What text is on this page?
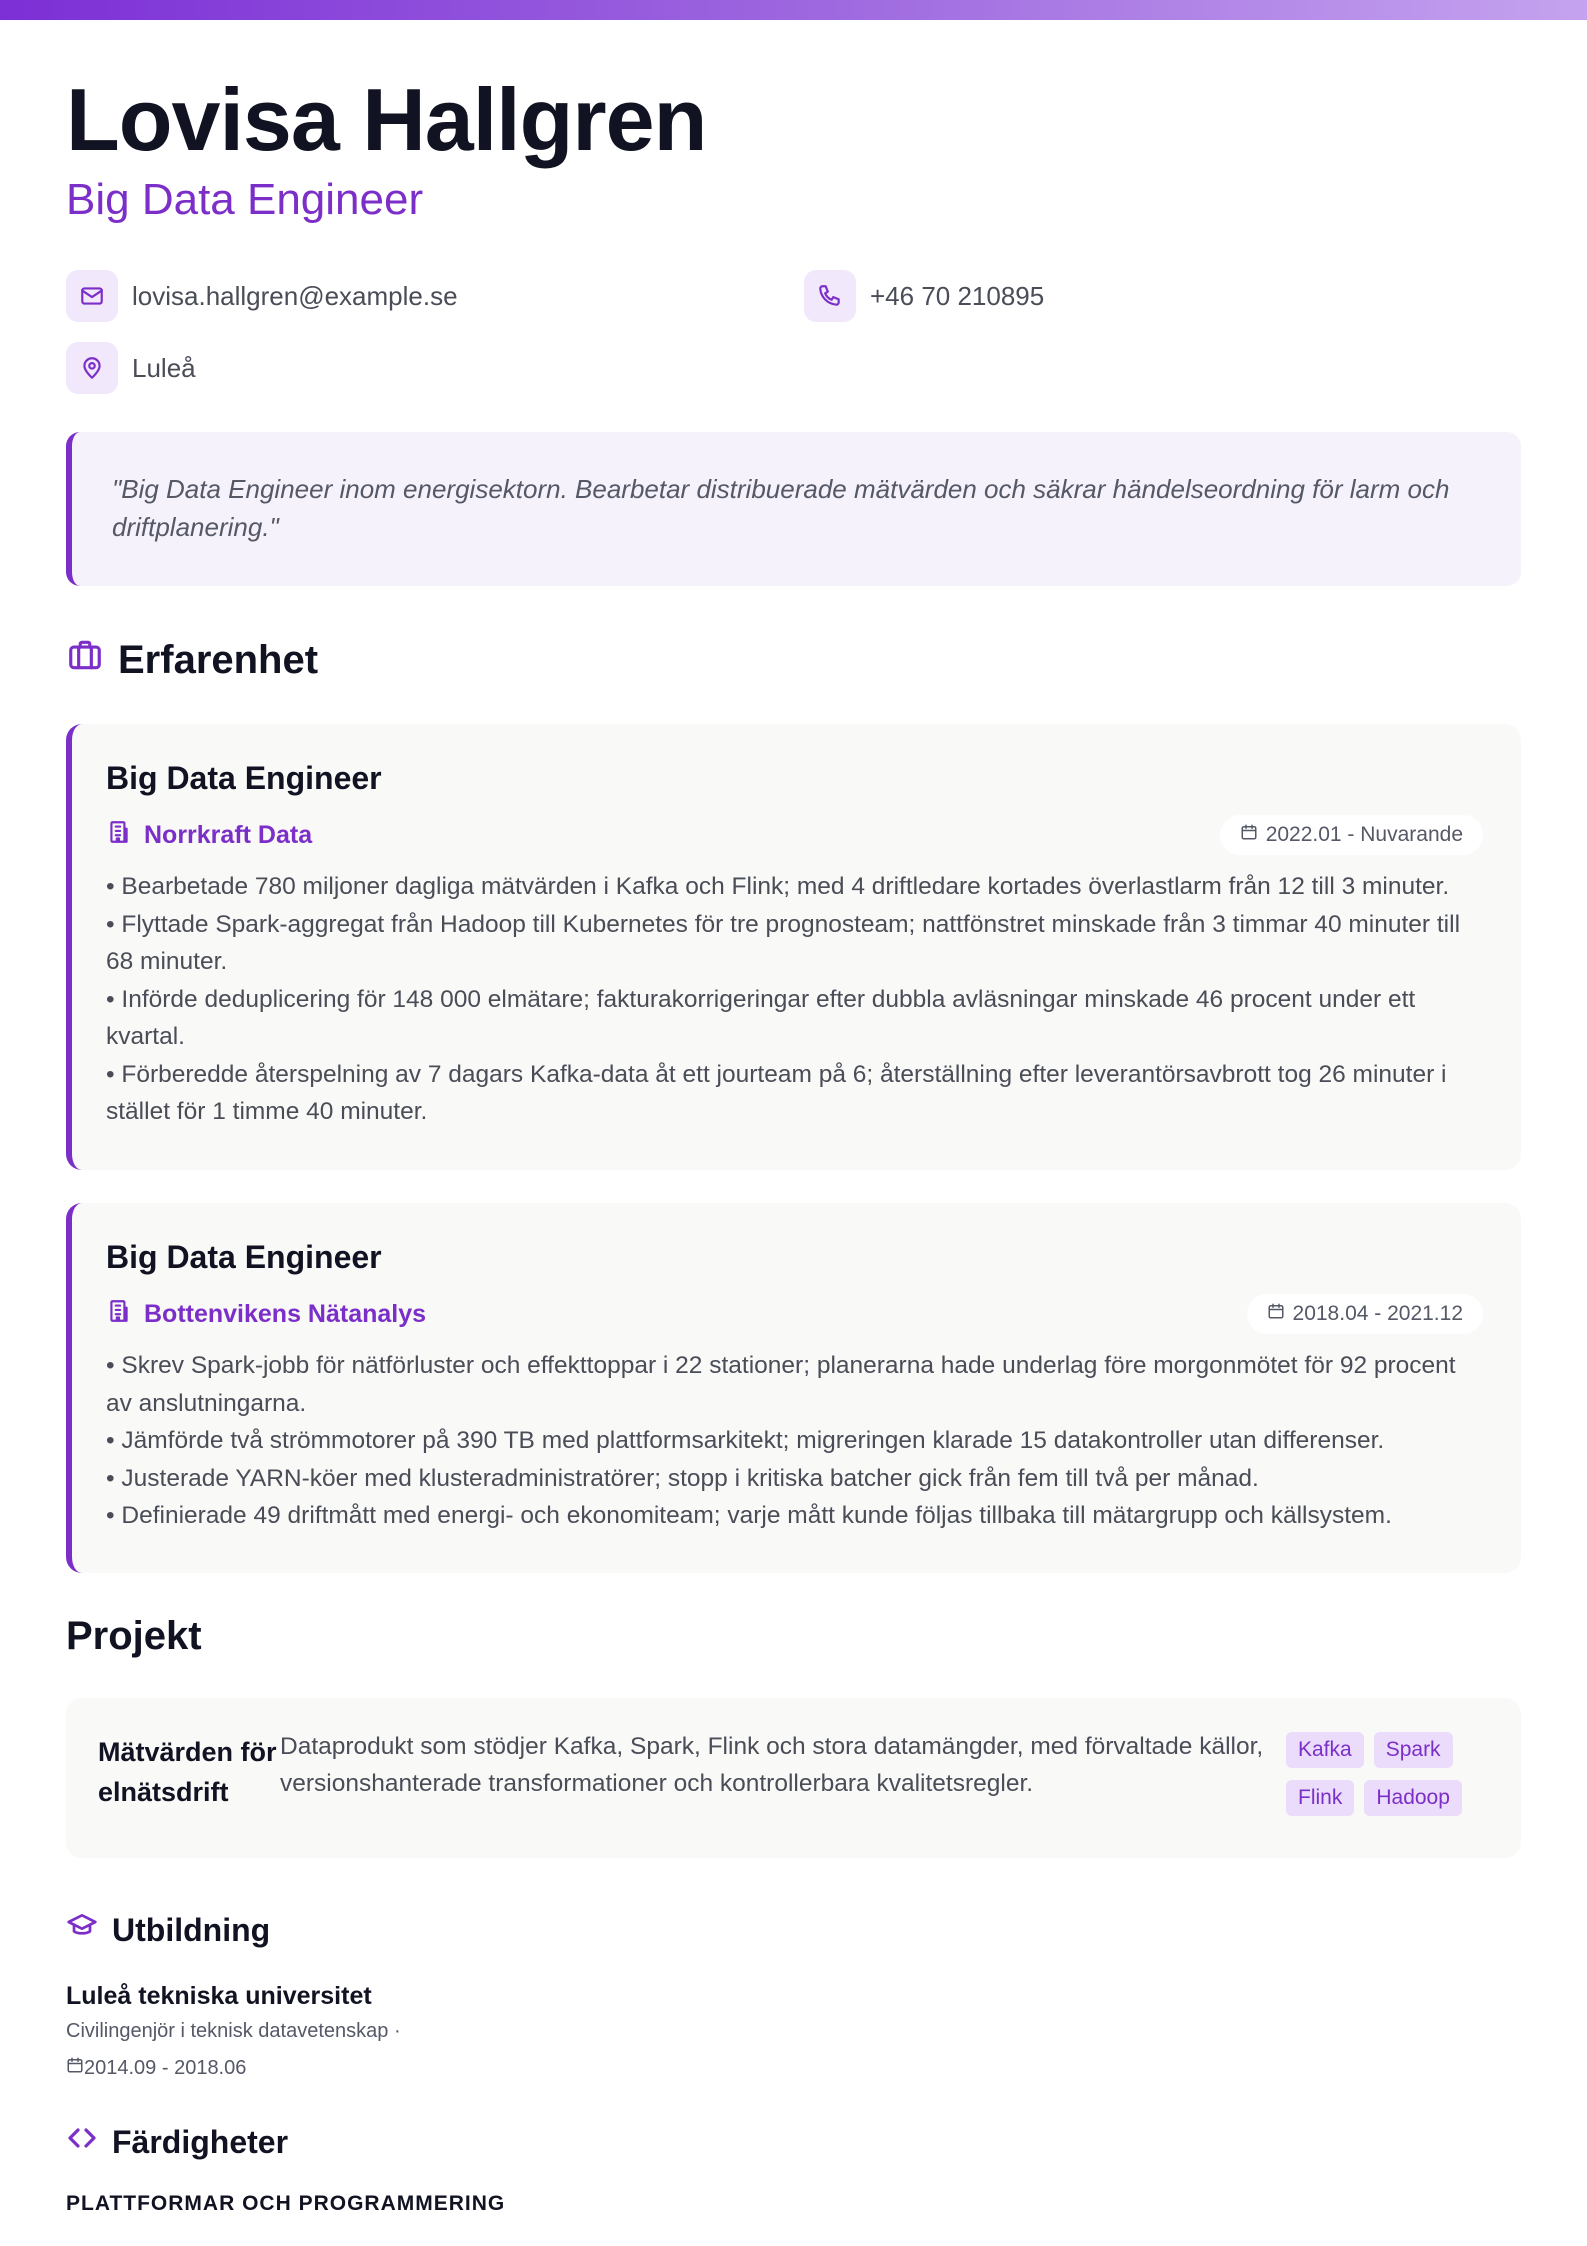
Lovisa Hallgren
Big Data Engineer
lovisa.hallgren@example.se	+46 70 210895
Luleå

"Big Data Engineer inom energisektorn. Bearbetar distribuerade mätvärden och säkrar händelseordning för larm och driftplanering."

Erfarenhet
Big Data Engineer
Norrkraft Data	2022.01 - Nuvarande
• Bearbetade 780 miljoner dagliga mätvärden i Kafka och Flink; med 4 driftledare kortades överlastlarm från 12 till 3 minuter.
• Flyttade Spark-aggregat från Hadoop till Kubernetes för tre prognosteam; nattfönstret minskade från 3 timmar 40 minuter till 68 minuter.
• Införde deduplicering för 148 000 elmätare; fakturakorrigeringar efter dubbla avläsningar minskade 46 procent under ett kvartal.
• Förberedde återspelning av 7 dagars Kafka-data åt ett jourteam på 6; återställning efter leverantörsavbrott tog 26 minuter i stället för 1 timme 40 minuter.
Big Data Engineer
Bottenvikens Nätanalys	2018.04 - 2021.12
• Skrev Spark-jobb för nätförluster och effekttoppar i 22 stationer; planerarna hade underlag före morgonmötet för 92 procent av anslutningarna.
• Jämförde två strömmotorer på 390 TB med plattformsarkitekt; migreringen klarade 15 datakontroller utan differenser.
• Justerade YARN-köer med klusteradministratörer; stopp i kritiska batcher gick från fem till två per månad.
• Definierade 49 driftmått med energi- och ekonomiteam; varje mått kunde följas tillbaka till mätargrupp och källsystem.
Projekt
Mätvärden för elnätsdrift
Dataprodukt som stödjer Kafka, Spark, Flink och stora datamängder, med förvaltade källor, versionshanterade transformationer och kontrollerbara kvalitetsregler.
Kafka	Spark
Flink	Hadoop
Utbildning
Luleå tekniska universitet
Civilingenjör i teknisk datavetenskap ·
2014.09 - 2018.06
Färdigheter
PLATTFORMAR OCH PROGRAMMERING
